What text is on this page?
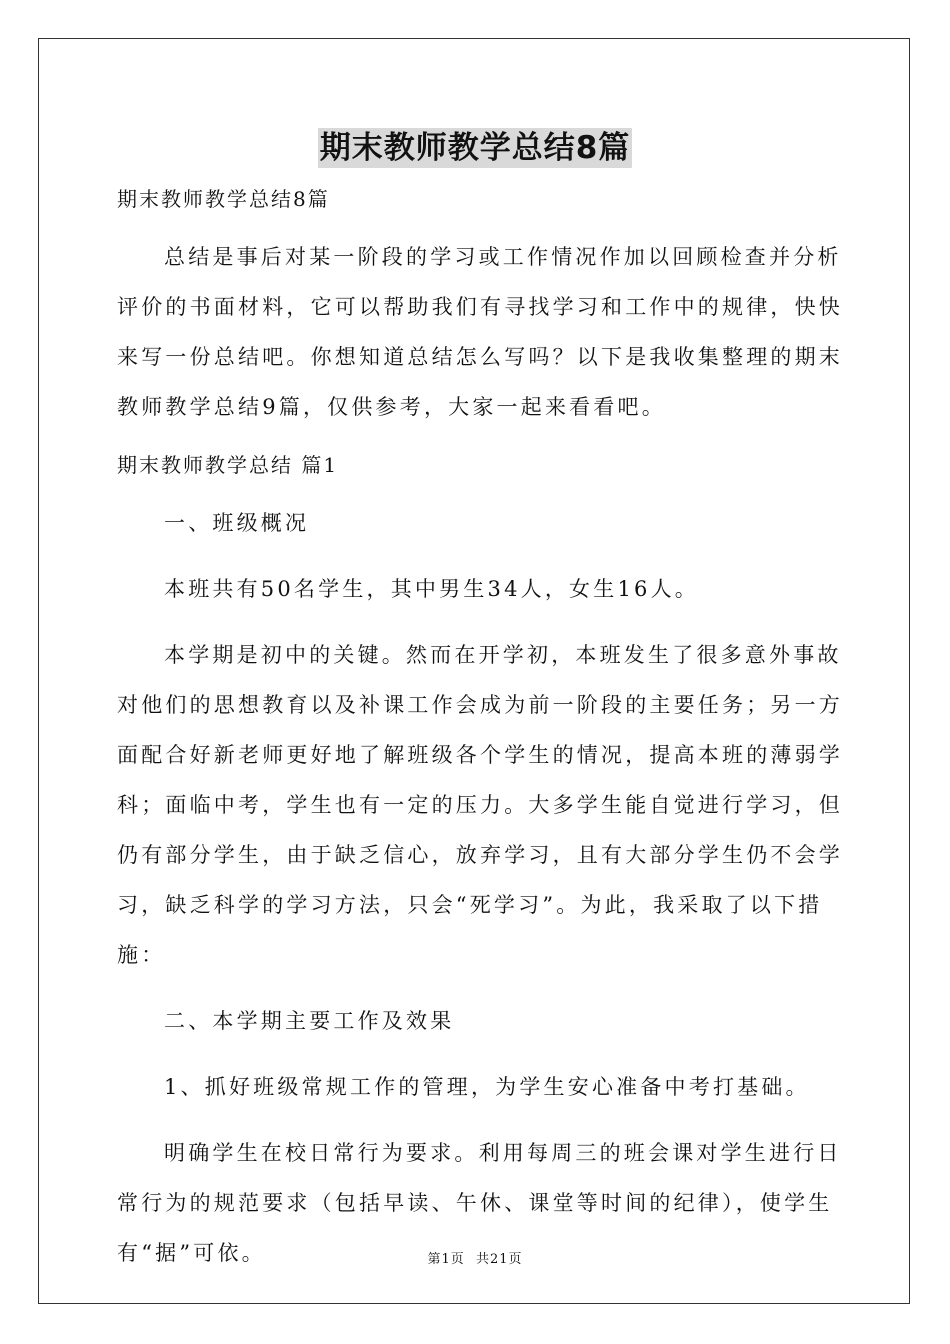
期末教师教学总结8篇

期末教师教学总结8篇

总结是事后对某一阶段的学习或工作情况作加以回顾检查并分析

评价的书面材料，它可以帮助我们有寻找学习和工作中的规律，快快

来写一份总结吧。你想知道总结怎么写吗？以下是我收集整理的期末

教师教学总结9篇，仅供参考，大家一起来看看吧。

期末教师教学总结 篇1

一、班级概况

本班共有50名学生，其中男生34人，女生16人。

本学期是初中的关键。然而在开学初，本班发生了很多意外事故

对他们的思想教育以及补课工作会成为前一阶段的主要任务；另一方

面配合好新老师更好地了解班级各个学生的情况，提高本班的薄弱学

科；面临中考，学生也有一定的压力。大多学生能自觉进行学习，但

仍有部分学生，由于缺乏信心，放弃学习，且有大部分学生仍不会学

习，缺乏科学的学习方法，只会“死学习”。为此，我采取了以下措

施：

二、本学期主要工作及效果

1、抓好班级常规工作的管理，为学生安心准备中考打基础。

明确学生在校日常行为要求。利用每周三的班会课对学生进行日

常行为的规范要求（包括早读、午休、课堂等时间的纪律），使学生

有“据”可依。	第1页 共21页
